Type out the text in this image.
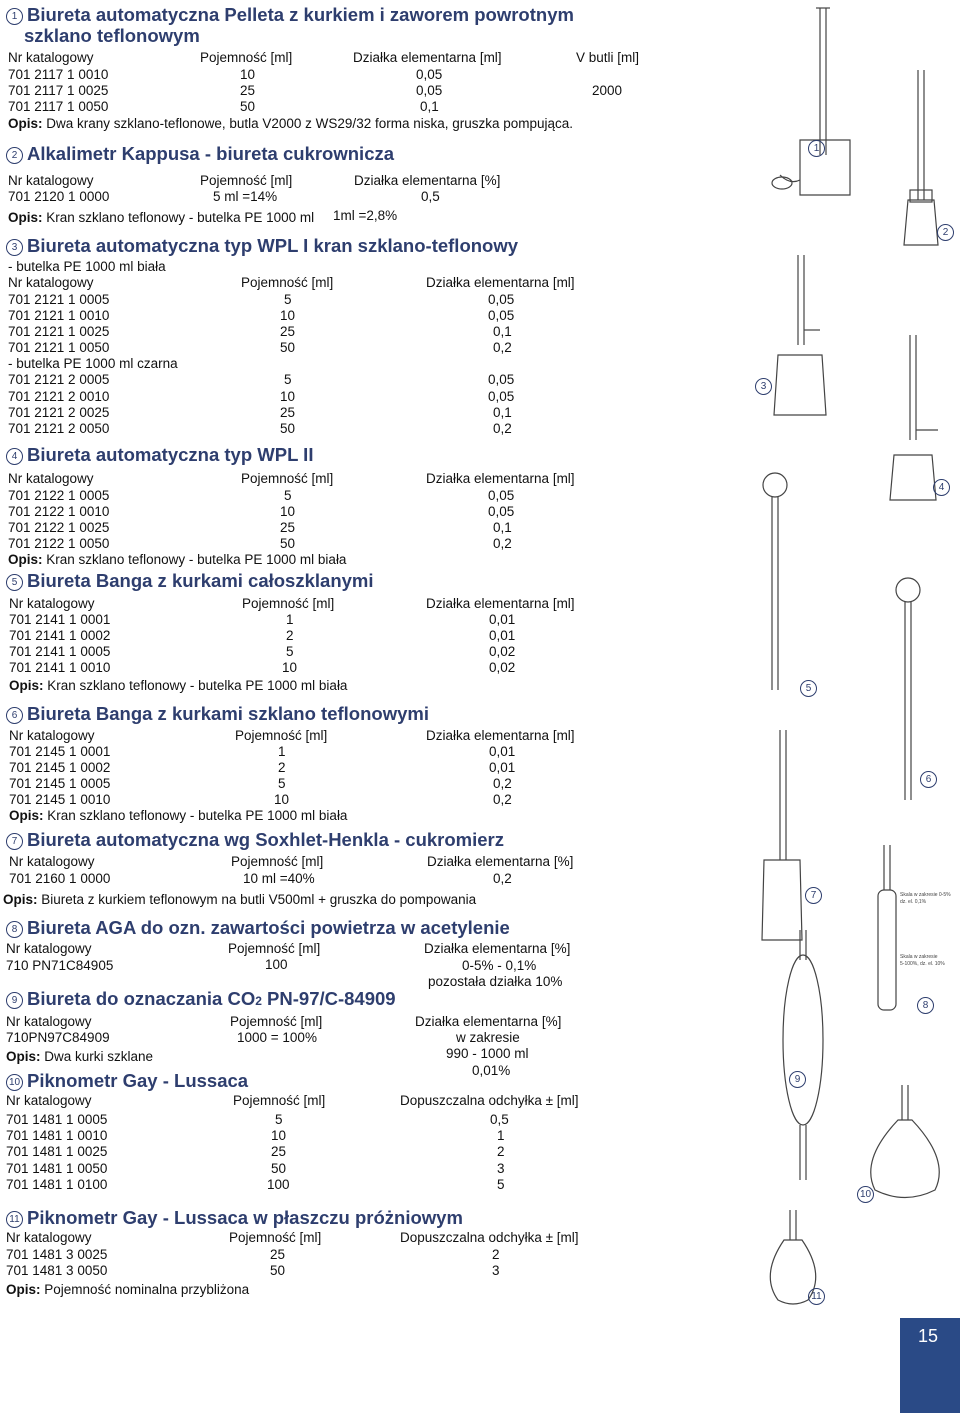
1 Biureta automatyczna Pelleta z kurkiem i zaworem powrotnym
szklano teflonowym
Nr katalogowy	Pojemność [ml]	Działka elementarna [ml]	V butli [ml]
701 2117 1 0010	10	0,05
701 2117 1 0025	25	0,05	2000
701 2117 1 0050	50	0,1
Opis: Dwa krany szklano-teflonowe, butla V2000 z WS29/32 forma niska, gruszka pompująca.
2 Alkalimetr Kappusa - biureta cukrownicza
Nr katalogowy	Pojemność [ml]	Działka elementarna [%]
701 2120 1 0000	5 ml =14%	0,5
Opis: Kran szklano teflonowy - butelka PE 1000 ml 1ml =2,8%
3 Biureta automatyczna typ WPL I kran szklano-teflonowy
- butelka PE 1000 ml biała
Nr katalogowy	Pojemność [ml]	Działka elementarna [ml]
701 2121 1 0005	5	0,05
701 2121 1 0010	10	0,05
701 2121 1 0025	25	0,1
701 2121 1 0050	50	0,2
- butelka PE 1000 ml czarna
701 2121 2 0005	5	0,05
701 2121 2 0010	10	0,05
701 2121 2 0025	25	0,1
701 2121 2 0050	50	0,2
4 Biureta automatyczna typ WPL II
Nr katalogowy	Pojemność [ml]	Działka elementarna [ml]
701 2122 1 0005	5	0,05
701 2122 1 0010	10	0,05
701 2122 1 0025	25	0,1
701 2122 1 0050	50	0,2
Opis: Kran szklano teflonowy - butelka PE 1000 ml biała
5 Biureta Banga z kurkami całoszklanymi
Nr katalogowy	Pojemność [ml]	Działka elementarna [ml]
701 2141 1 0001	1	0,01
701 2141 1 0002	2	0,01
701 2141 1 0005	5	0,02
701 2141 1 0010	10	0,02
Opis: Kran szklano teflonowy - butelka PE 1000 ml biała
6 Biureta Banga z kurkami szklano teflonowymi
Nr katalogowy	Pojemność [ml]	Działka elementarna [ml]
701 2145 1 0001	1	0,01
701 2145 1 0002	2	0,01
701 2145 1 0005	5	0,2
701 2145 1 0010	10	0,2
Opis: Kran szklano teflonowy - butelka PE 1000 ml biała
7 Biureta automatyczna wg Soxhlet-Henkla - cukromierz
Nr katalogowy	Pojemność [ml]	Działka elementarna [%]
701 2160 1 0000	10 ml =40%	0,2
Opis: Biureta z kurkiem teflonowym na butli V500ml + gruszka do pompowania
8 Biureta AGA do ozn. zawartości powietrza w acetylenie
Nr katalogowy	Pojemność [ml]	Działka elementarna [%]
710 PN71C84905	100	0-5% - 0,1%
pozostała działka 10%
9 Biureta do oznaczania CO2 PN-97/C-84909
Nr katalogowy	Pojemność [ml]	Działka elementarna [%]
710PN97C84909	1000 = 100%	w zakresie
990 - 1000 ml
0,01%
Opis: Dwa kurki szklane
10 Piknometr Gay - Lussaca
Nr katalogowy	Pojemność [ml]	Dopuszczalna odchyłka ± [ml]
701 1481 1 0005	5	0,5
701 1481 1 0010	10	1
701 1481 1 0025	25	2
701 1481 1 0050	50	3
701 1481 1 0100	100	5
11 Piknometr Gay - Lussaca w płaszczu próżniowym
Nr katalogowy	Pojemność [ml]	Dopuszczalna odchyłka ± [ml]
701 1481 3 0025	25	2
701 1481 3 0050	50	3
Opis: Pojemność nominalna przybliżona
Skala w zakresie 0-5%
dz. el. 0,1%
Skala w zakresie
5-100%, dz. el. 10%
1
2
3
4
5
6
7
8
9
10
11
15
